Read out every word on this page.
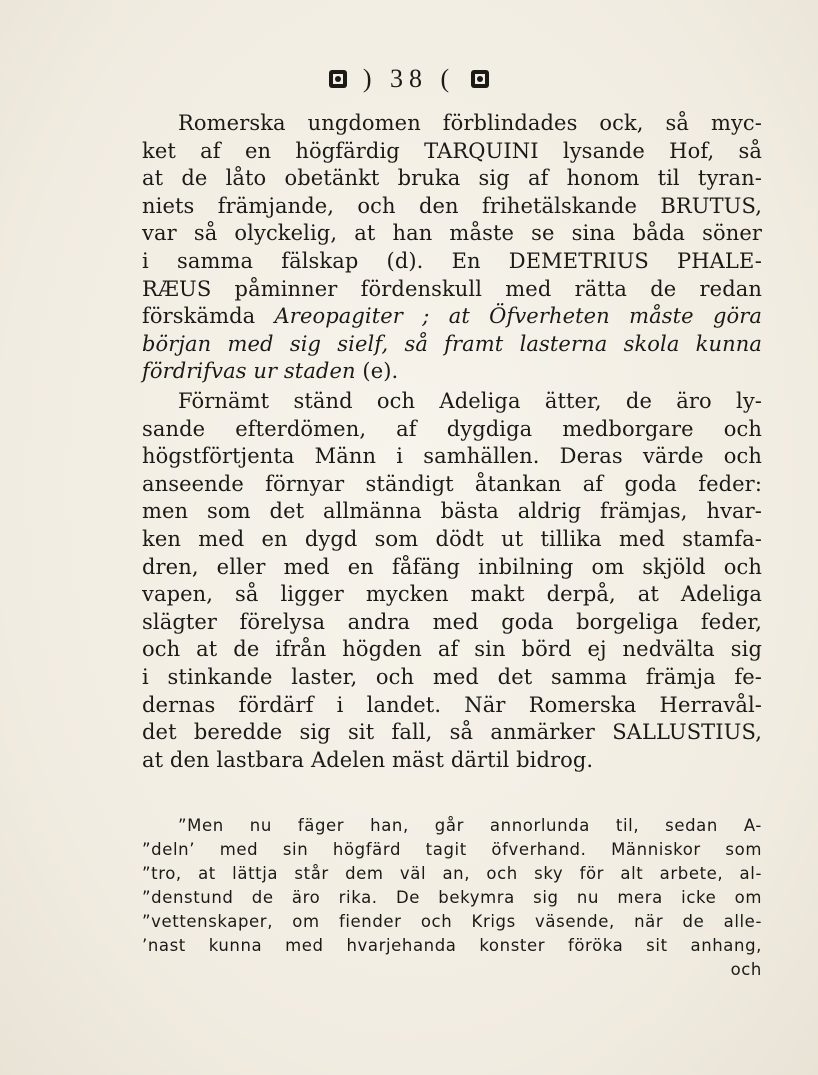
) 38 (
Romerska ungdomen förblindades ock, så myc-
ket af en högfärdig TARQUINI lysande Hof, så
at de låto obetänkt bruka sig af honom til tyran-
niets främjande, och den frihetälskande BRUTUS,
var så olyckelig, at han måste se sina båda söner
i samma fälskap (d). En DEMETRIUS PHALE-
RÆUS påminner fördenskull med rätta de redan
förskämda Areopagiter ; at Öfverheten måste göra
början med sig sielf, så framt lasterna skola kunna
fördrifvas ur staden (e).
Förnämt ständ och Adeliga ätter, de äro ly-
sande efterdömen, af dygdiga medborgare och
högstförtjenta Männ i samhällen. Deras värde och
anseende förnyar ständigt åtankan af goda feder:
men som det allmänna bästa aldrig främjas, hvar-
ken med en dygd som dödt ut tillika med stamfa-
dren, eller med en fåfäng inbilning om skjöld och
vapen, så ligger mycken makt derpå, at Adeliga
slägter förelysa andra med goda borgeliga feder,
och at de ifrån högden af sin börd ej nedvälta sig
i stinkande laster, och med det samma främja fe-
dernas fördärf i landet. När Romerska Herravål-
det beredde sig sit fall, så anmärker SALLUSTIUS,
at den lastbara Adelen mäst därtil bidrog.
”Men nu fäger han, går annorlunda til, sedan A-
”deln’ med sin högfärd tagit öfverhand. Människor som
”tro, at lättja står dem väl an, och sky för alt arbete, al-
”denstund de äro rika. De bekymra sig nu mera icke om
”vettenskaper, om fiender och Krigs väsende, när de alle-
’nast kunna med hvarjehanda konster föröka sit anhang,
och
